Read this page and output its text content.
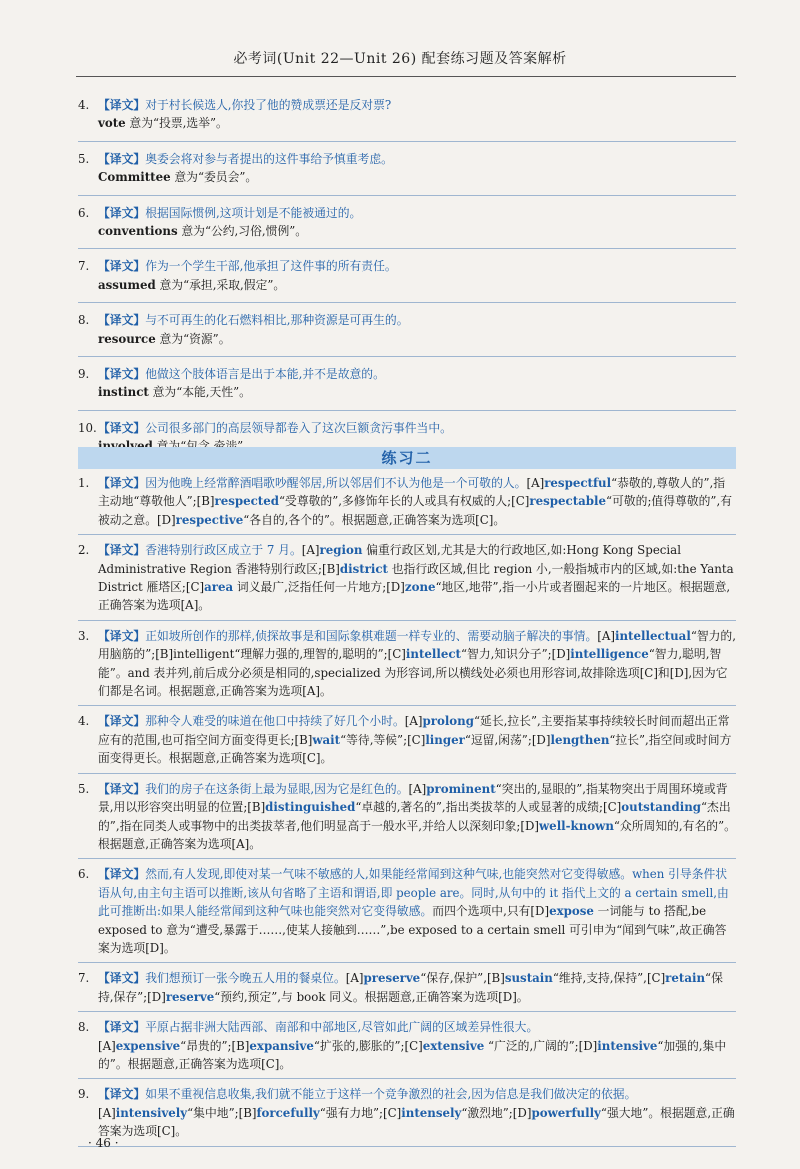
必考词(Unit 22—Unit 26) 配套练习题及答案解析
4. 【译文】对于村长候选人,你投了他的赞成票还是反对票?
vote 意为“投票,选举”。
5. 【译文】奥委会将对参与者提出的这件事给予慎重考虑。
Committee 意为“委员会”。
6. 【译文】根据国际惯例,这项计划是不能被通过的。
conventions 意为“公约,习俗,惯例”。
7. 【译文】作为一个学生干部,他承担了这件事的所有责任。
assumed 意为“承担,采取,假定”。
8. 【译文】与不可再生的化石燃料相比,那种资源是可再生的。
resource 意为“资源”。
9. 【译文】他做这个肢体语言是出于本能,并不是故意的。
instinct 意为“本能,天性”。
10. 【译文】公司很多部门的高层领导都卷入了这次巨额贪污事件当中。

练习二
1. 【译文】因为他晚上经常醉酒唱歌吵醒邻居,所以邻居们不认为他是一个可敬的人。[A]respectful“恭敬的,尊敬人的”,指主动地“尊敬他人”;[B]respected“受尊敬的”,多修饰年长的人或具有权威的人;[C]respectable“可敬的;值得尊敬的”,有被动之意。[D]respective“各自的,各个的”。根据题意,正确答案为选项[C]。
2. 【译文】香港特别行政区成立于 7 月。[A]region 偏重行政区划,尤其是大的行政地区,如:Hong Kong Special Administrative Region 香港特别行政区;[B]district 也指行政区域,但比 region 小,一般指城市内的区域,如:the Yanta District 雁塔区;[C]area 词义最广,泛指任何一片地方;[D]zone“地区,地带”,指一小片或者圈起来的一片地区。根据题意,正确答案为选项[A]。
3. 【译文】正如坡所创作的那样,侦探故事是和国际象棋难题一样专业的、需要动脑子解决的事情。[A]intellectual“智力的,用脑筋的”;[B]intelligent“理解力强的,理智的,聪明的”;[C]intellect“智力,知识分子”;[D]intelligence“智力,聪明,智能”。and 表并列,前后成分必须是相同的,specialized 为形容词,所以横线处必须也用形容词,故排除选项[C]和[D],因为它们都是名词。根据题意,正确答案为选项[A]。
4. 【译文】那种令人难受的味道在他口中持续了好几个小时。[A]prolong“延长,拉长”,主要指某事持续较长时间而超出正常应有的范围,也可指空间方面变得更长;[B]wait“等待,等候”;[C]linger“逗留,闲荡”;[D]lengthen“拉长”,指空间或时间方面变得更长。根据题意,正确答案为选项[C]。
5. 【译文】我们的房子在这条街上最为显眼,因为它是红色的。[A]prominent“突出的,显眼的”,指某物突出于周围环境或背景,用以形容突出明显的位置;[B]distinguished“卓越的,著名的”,指出类拔萃的人或显著的成绩;[C]outstanding“杰出的”,指在同类人或事物中的出类拔萃者,他们明显高于一般水平,并给人以深刻印象;[D]well-known“众所周知的,有名的”。根据题意,正确答案为选项[A]。
6. 【译文】然而,有人发现,即使对某一气味不敏感的人,如果能经常闻到这种气味,也能突然对它变得敏感。when 引导条件状语从句,由主句主语可以推断,该从句省略了主语和谓语,即 people are。同时,从句中的 it 指代上文的 a certain smell,由此可推断出:如果人能经常闻到这种气味也能突然对它变得敏感。而四个选项中,只有[D]expose 一词能与 to 搭配,be exposed to 意为“遭受,暴露于……,使某人接触到……”,be exposed to a certain smell 可引申为“闻到气味”,故正确答案为选项[D]。
7. 【译文】我们想预订一张今晚五人用的餐桌位。[A]preserve“保存,保护”,[B]sustain“维持,支持,保持”,[C]retain“保持,保存”;[D]reserve“预约,预定”,与 book 同义。根据题意,正确答案为选项[D]。
8. 【译文】平原占据非洲大陆西部、南部和中部地区,尽管如此广阔的区域差异性很大。
[A]expensive“昂贵的”;[B]expansive“扩张的,膨胀的”;[C]extensive “广泛的,广阔的”;[D]intensive“加强的,集中的”。根据题意,正确答案为选项[C]。
9. 【译文】如果不重视信息收集,我们就不能立于这样一个竞争激烈的社会,因为信息是我们做决定的依据。[A]intensively“集中地”;[B]forcefully“强有力地”;[C]intensely“激烈地”;[D]powerfully“强大地”。根据题意,正确答案为选项[C]。
· 46 ·
